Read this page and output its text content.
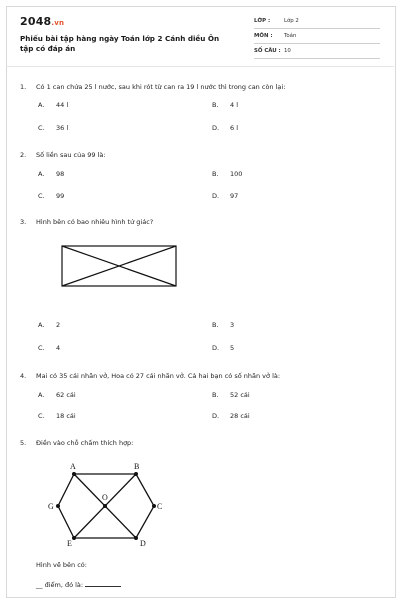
2048.vn
Phiếu bài tập hàng ngày Toán lớp 2 Cánh diều Ôn tập có đáp án
LỚP :	Lớp 2
MÔN : Toán
SỐ CÂU : 10
1.	Có 1 can chứa 25 l nước, sau khi rót từ can ra 19 l nước thì trong can còn lại:
A. 44 l	B. 4 l
C. 36 l	D. 6 l
2.	Số liền sau của 99 là:
A. 98	B. 100
C. 99	D. 97
3.	Hình bên có bao nhiêu hình tứ giác?
A. 2	B. 3
C. 4	D. 5
4.	Mai có 35 cái nhãn vở, Hoa có 27 cái nhãn vở. Cả hai bạn có số nhãn vở là:
A. 62 cái	B. 52 cái
C. 18 cái	D. 28 cái
5.	Điền vào chỗ chấm thích hợp:
A	B
C
D
E
G
O
Hình vẽ bên có:
__ điểm, đó là:
